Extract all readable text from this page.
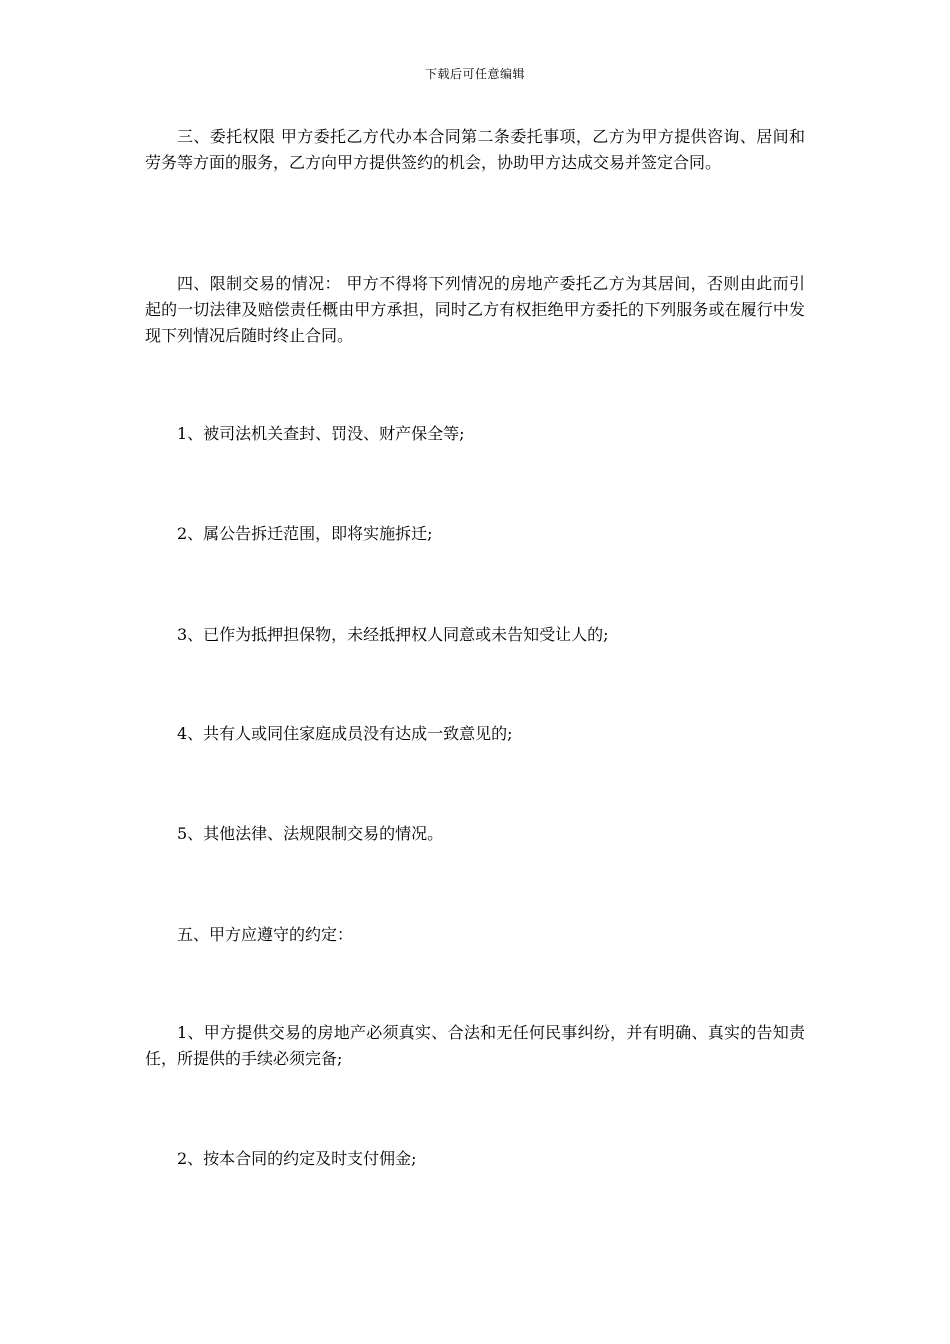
下载后可任意编辑

三、委托权限 甲方委托乙方代办本合同第二条委托事项，乙方为甲方提供咨询、居间和劳务等方面的服务，乙方向甲方提供签约的机会，协助甲方达成交易并签定合同。

四、限制交易的情况： 甲方不得将下列情况的房地产委托乙方为其居间，否则由此而引起的一切法律及赔偿责任概由甲方承担，同时乙方有权拒绝甲方委托的下列服务或在履行中发现下列情况后随时终止合同。

1、被司法机关查封、罚没、财产保全等;

2、属公告拆迁范围，即将实施拆迁;

3、已作为抵押担保物，未经抵押权人同意或未告知受让人的;

4、共有人或同住家庭成员没有达成一致意见的;

5、其他法律、法规限制交易的情况。

五、甲方应遵守的约定：

1、甲方提供交易的房地产必须真实、合法和无任何民事纠纷，并有明确、真实的告知责任，所提供的手续必须完备;

2、按本合同的约定及时支付佣金;
